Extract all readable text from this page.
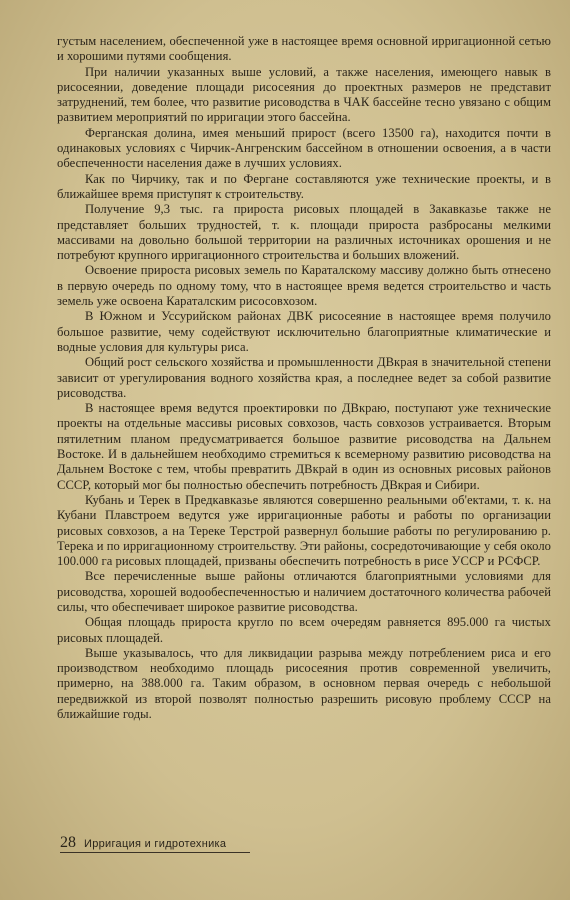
густым населением, обеспеченной уже в настоящее время основной ирригационной сетью и хорошими путями сообщения.

При наличии указанных выше условий, а также населения, имеющего навык в рисосеянии, доведение площади рисосеяния до проектных размеров не представит затруднений, тем более, что развитие рисоводства в ЧАК бассейне тесно увязано с общим развитием мероприятий по ирригации этого бассейна.

Ферганская долина, имея меньший прирост (всего 13500 га), находится почти в одинаковых условиях с Чирчик-Ангренским бассейном в отношении освоения, а в части обеспеченности населения даже в лучших условиях.

Как по Чирчику, так и по Фергане составляются уже технические проекты, и в ближайшее время приступят к строительству.

Получение 9,3 тыс. га прироста рисовых площадей в Закавказье также не представляет больших трудностей, т. к. площади прироста разбросаны мелкими массивами на довольно большой территории на различных источниках орошения и не потребуют крупного ирригационного строительства и больших вложений.

Освоение прироста рисовых земель по Караталскому массиву должно быть отнесено в первую очередь по одному тому, что в настоящее время ведется строительство и часть земель уже освоена Караталским рисосовхозом.

В Южном и Уссурийском районах ДВК рисосеяние в настоящее время получило большое развитие, чему содействуют исключительно благоприятные климатические и водные условия для культуры риса.

Общий рост сельского хозяйства и промышленности ДВкрая в значительной степени зависит от урегулирования водного хозяйства края, а последнее ведет за собой развитие рисоводства.

В настоящее время ведутся проектировки по ДВкраю, поступают уже технические проекты на отдельные массивы рисовых совхозов, часть совхозов устраивается. Вторым пятилетним планом предусматривается большое развитие рисоводства на Дальнем Востоке. И в дальнейшем необходимо стремиться к всемерному развитию рисоводства на Дальнем Востоке с тем, чтобы превратить ДВкрай в один из основных рисовых районов СССР, который мог бы полностью обеспечить потребность ДВкрая и Сибири.

Кубань и Терек в Предкавказье являются совершенно реальными об'ектами, т. к. на Кубани Плавстроем ведутся уже ирригационные работы и работы по организации рисовых совхозов, а на Тереке Терстрой развернул большие работы по регулированию р. Терека и по ирригационному строительству. Эти районы, сосредоточивающие у себя около 100.000 га рисовых площадей, призваны обеспечить потребность в рисе УССР и РСФСР.

Все перечисленные выше районы отличаются благоприятными условиями для рисоводства, хорошей водообеспеченностью и наличием достаточного количества рабочей силы, что обеспечивает широкое развитие рисоводства.

Общая площадь прироста кругло по всем очередям равняется 895.000 га чистых рисовых площадей.

Выше указывалось, что для ликвидации разрыва между потреблением риса и его производством необходимо площадь рисосеяния против современной увеличить, примерно, на 388.000 га. Таким образом, в основном первая очередь с небольшой передвижкой из второй позволят полностью разрешить рисовую проблему СССР на ближайшие годы.

28 Ирригация и гидротехника
